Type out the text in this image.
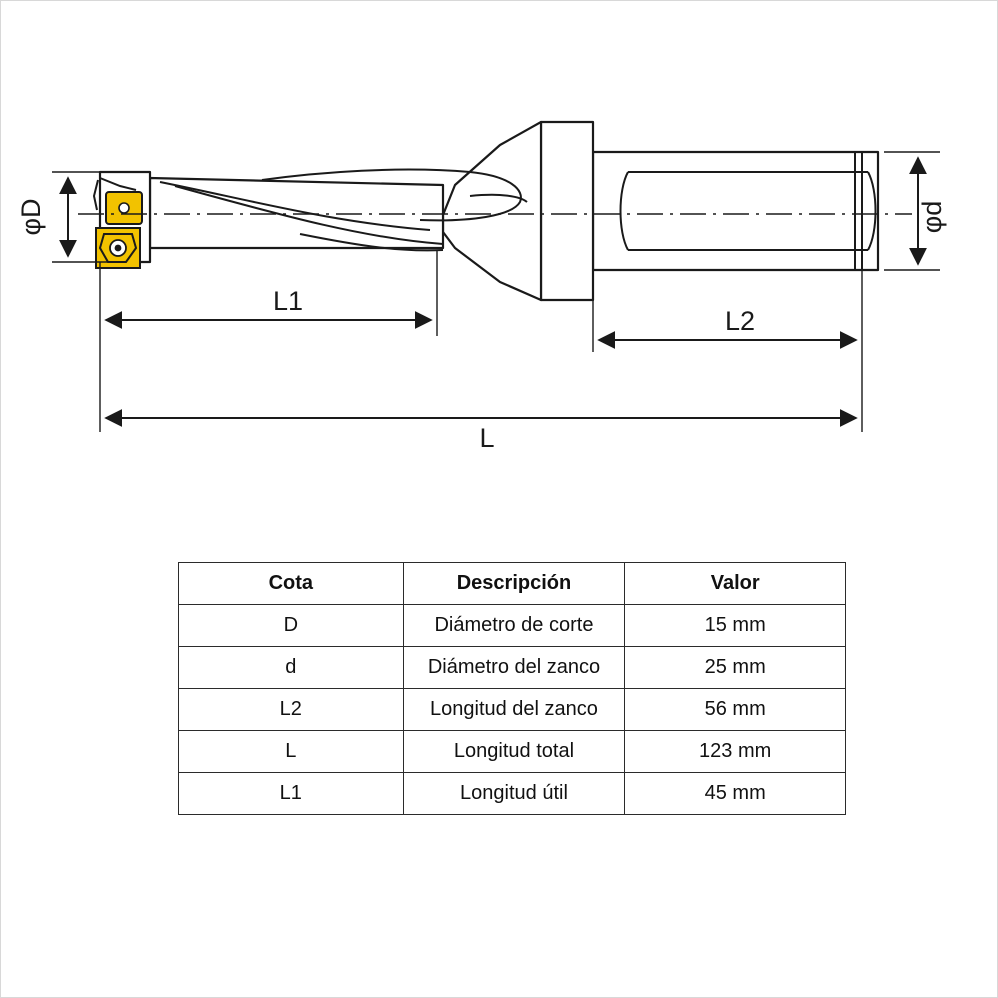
φD	φd
L1
L2
L
Cota	Descripción	Valor
D	Diámetro de corte	15 mm
d	Diámetro del zanco	25 mm
L2	Longitud del zanco	56 mm
L	Longitud total	123 mm
L1	Longitud útil	45 mm
